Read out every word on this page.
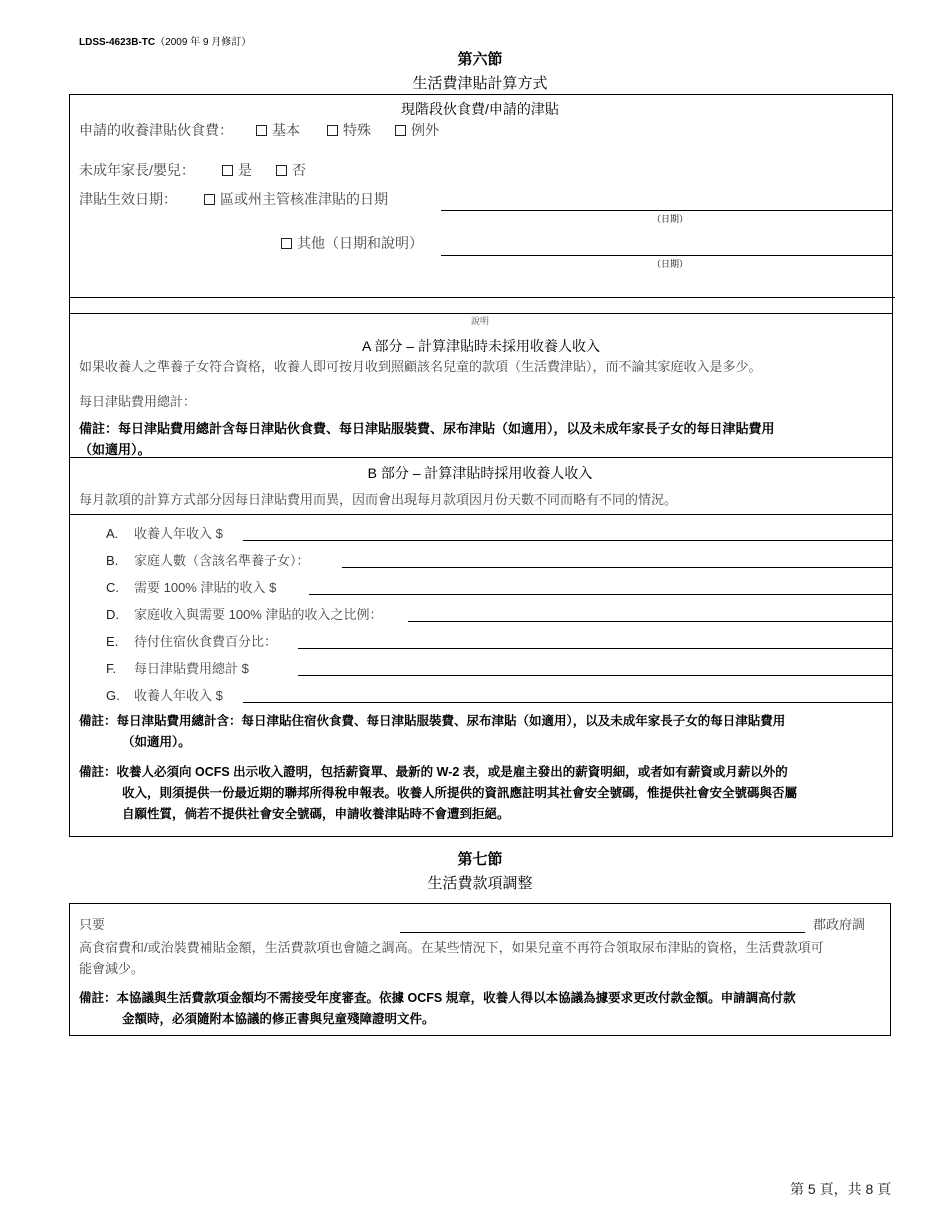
LDSS-4623B-TC（2009 年 9 月修訂）
第六節
生活費津貼計算方式
現階段伙食費/申請的津貼
申請的收養津貼伙食費：	基本	特殊	例外
未成年家長/嬰兒：	是	否
津貼生效日期：	區或州主管核准津貼的日期
（日期）
其他（日期和說明）
（日期）
說明
A 部分 – 計算津貼時未採用收養人收入
如果收養人之準養子女符合資格，收養人即可按月收到照顧該名兒童的款項（生活費津貼），而不論其家庭收入是多少。
每日津貼費用總計：
備註：每日津貼費用總計含每日津貼伙食費、每日津貼服裝費、尿布津貼（如適用），以及未成年家長子女的每日津貼費用
（如適用）。
B 部分 – 計算津貼時採用收養人收入
每月款項的計算方式部分因每日津貼費用而異，因而會出現每月款項因月份天數不同而略有不同的情況。
A. 收養人年收入 $
B. 家庭人數（含該名準養子女）：
C. 需要 100% 津貼的收入 $
D. 家庭收入與需要 100% 津貼的收入之比例：
E. 待付住宿伙食費百分比：
F. 每日津貼費用總計 $
G. 收養人年收入 $
備註：每日津貼費用總計含：每日津貼住宿伙食費、每日津貼服裝費、尿布津貼（如適用），以及未成年家長子女的每日津貼費用
（如適用）。
備註：收養人必須向 OCFS 出示收入證明，包括薪資單、最新的 W-2 表，或是雇主發出的薪資明細，或者如有薪資或月薪以外的
收入，則須提供一份最近期的聯邦所得稅申報表。收養人所提供的資訊應註明其社會安全號碼，惟提供社會安全號碼與否屬
自願性質，倘若不提供社會安全號碼，申請收養津貼時不會遭到拒絕。
第七節
生活費款項調整
只要	郡政府調
高食宿費和/或治裝費補貼金額，生活費款項也會隨之調高。在某些情況下，如果兒童不再符合領取尿布津貼的資格，生活費款項可
能會減少。
備註：本協議與生活費款項金額均不需接受年度審查。依據 OCFS 規章，收養人得以本協議為據要求更改付款金額。申請調高付款
金額時，必須隨附本協議的修正書與兒童殘障證明文件。
第 5 頁，共 8 頁
